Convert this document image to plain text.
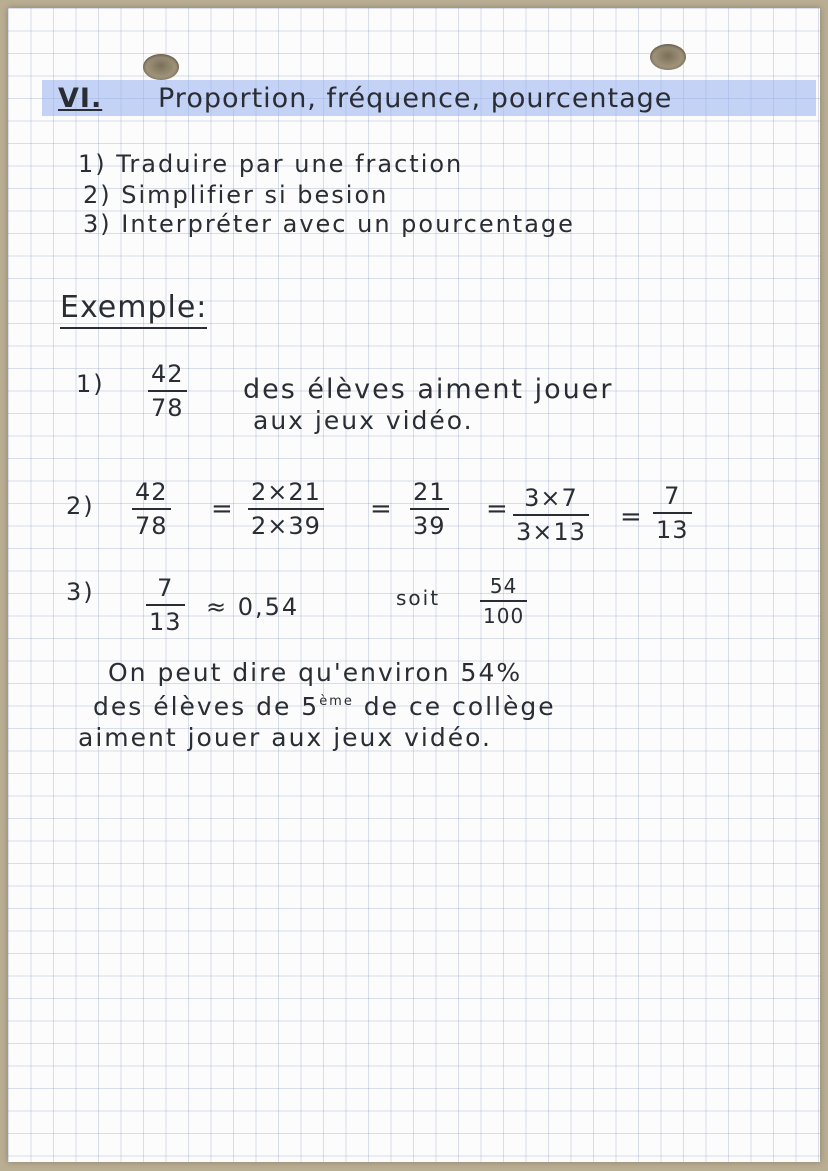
VI. Proportion, fréquence, pourcentage
1) Traduire par une fraction
2) Simplifier si besion
3) Interpréter avec un pourcentage
Exemple:
1) 42
78
des élèves aiment jouer
aux jeux vidéo.
2) 42
78
=
2×21
2×39
=
21
39
= 3×7
3×13 =
7
13
3)	7
13
≈ 0,54	soit 54
100
On peut dire qu'environ 54%
des élèves de 5ème de ce collège
aiment jouer aux jeux vidéo.
